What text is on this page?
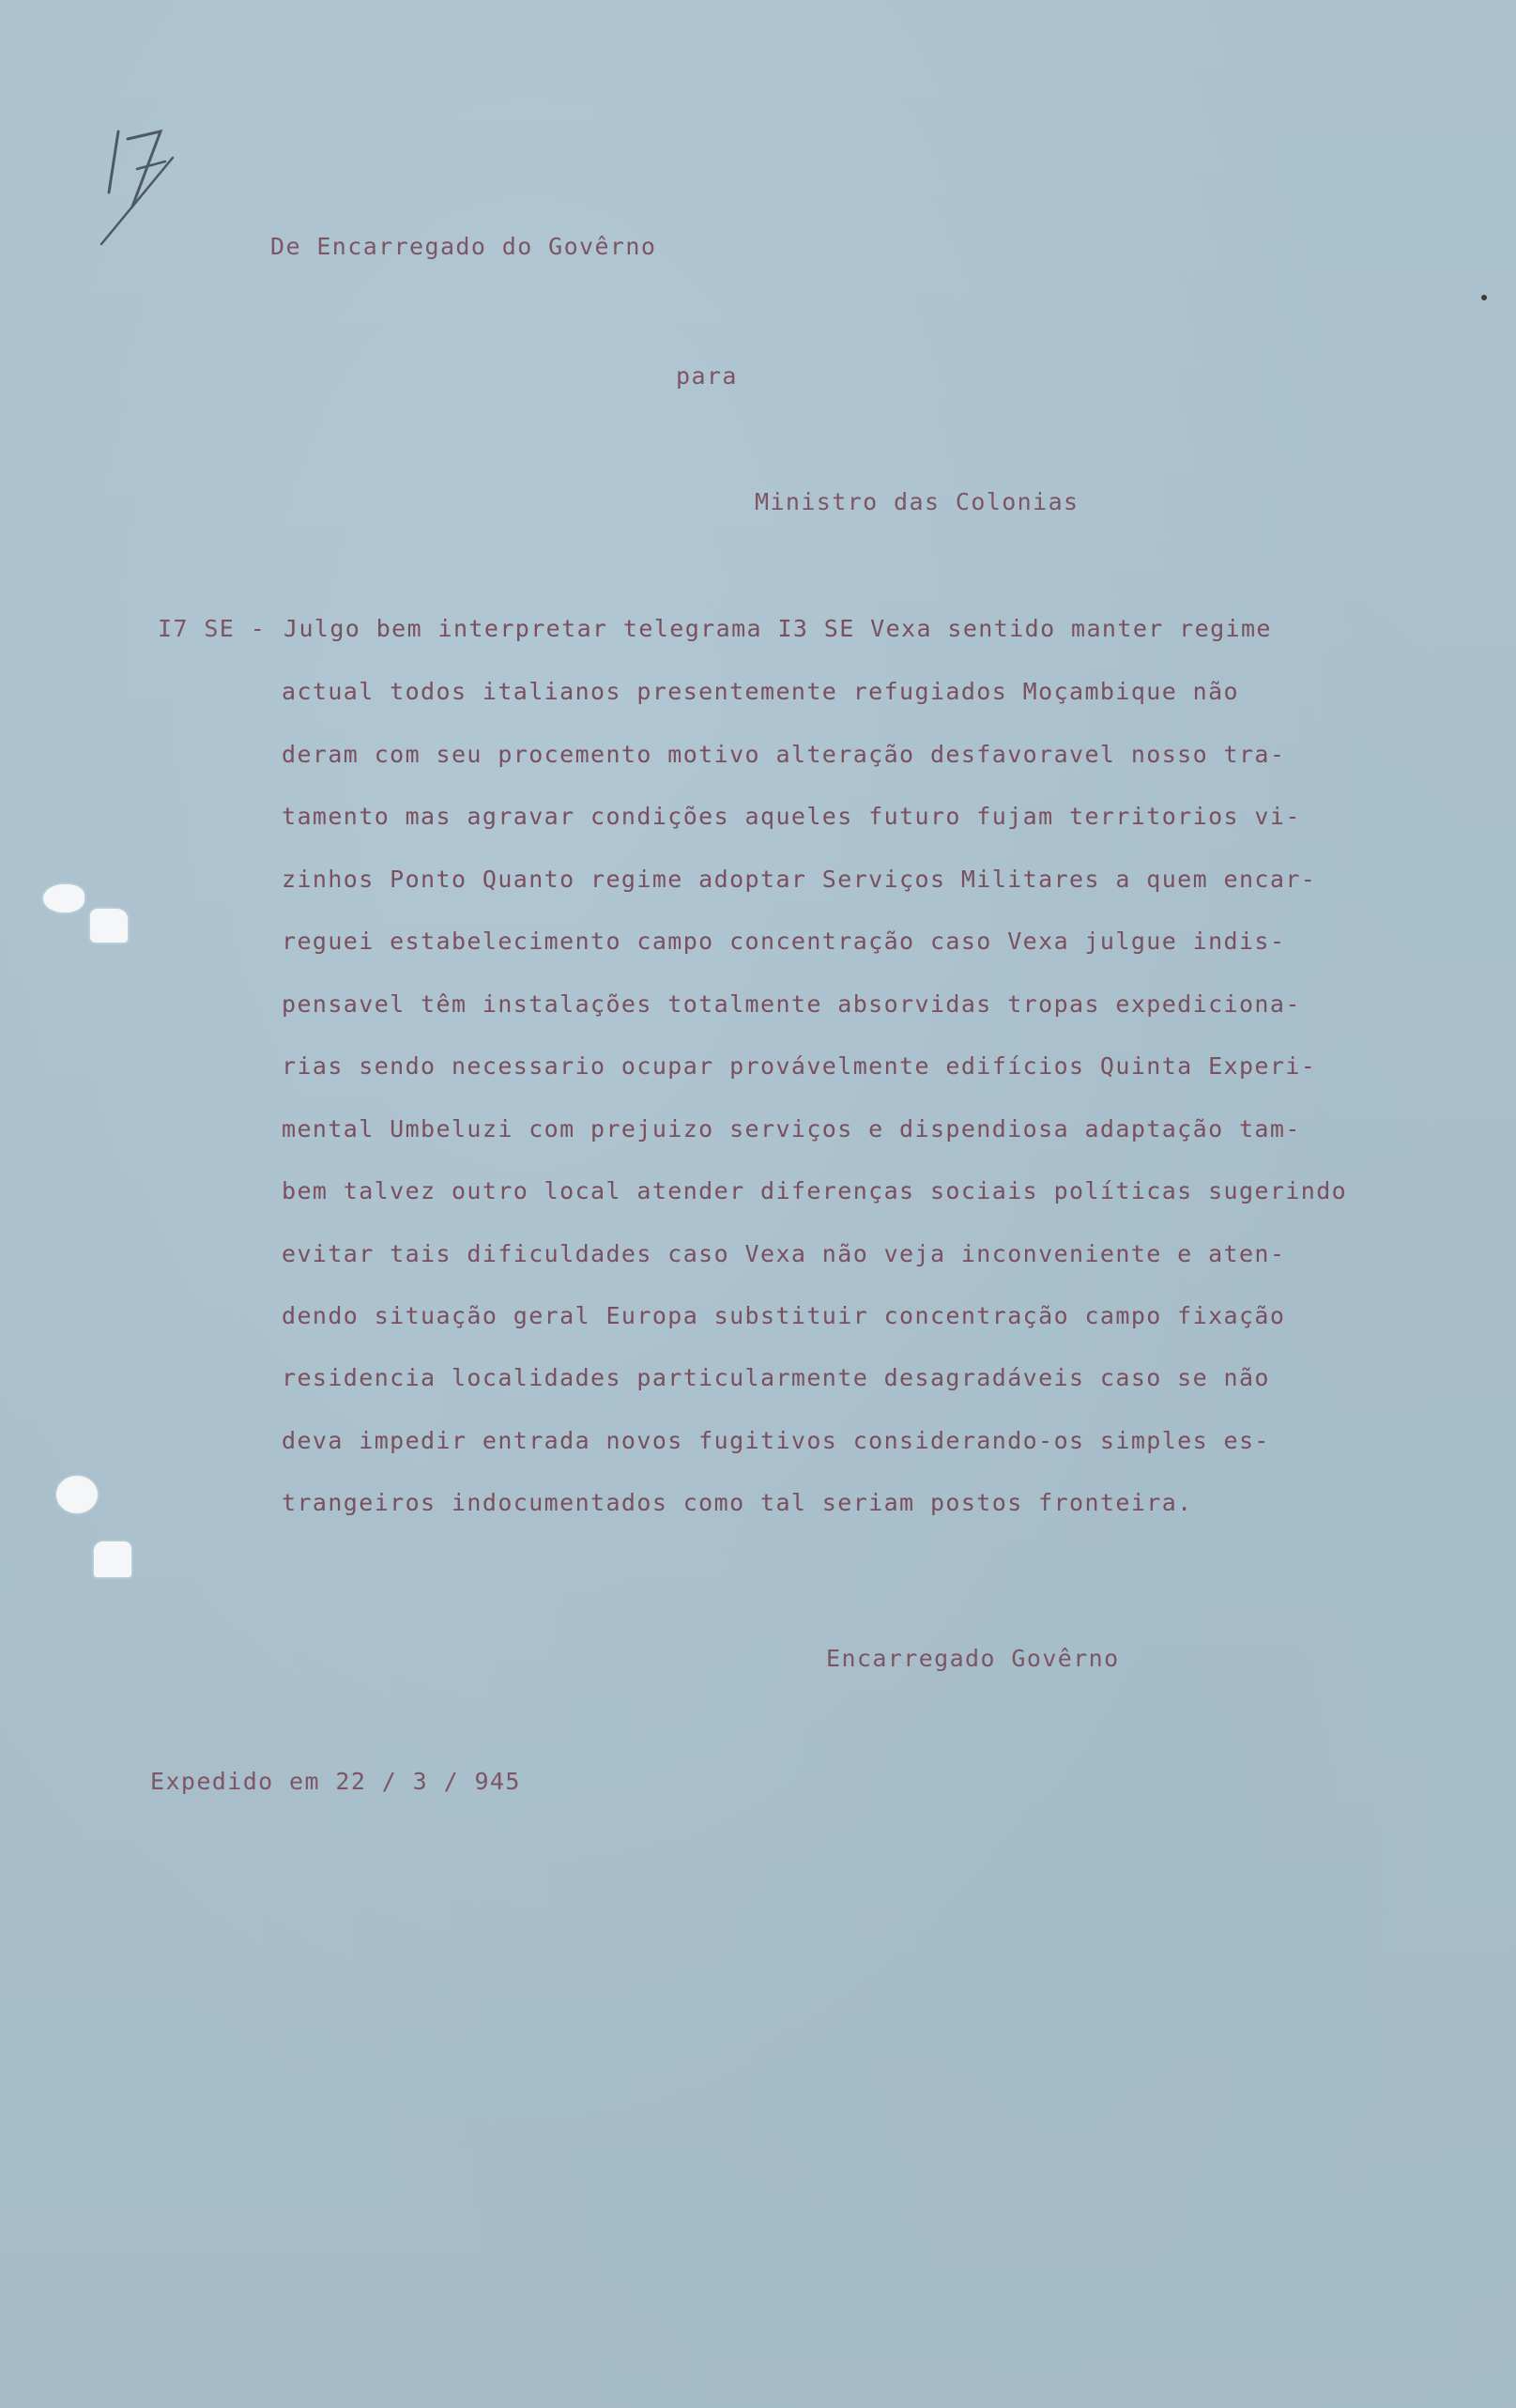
De Encarregado do Govêrno

para

Ministro das Colonias

I7 SE - Julgo bem interpretar telegrama I3 SE Vexa sentido manter regime

actual todos italianos presentemente refugiados Moçambique não

deram com seu procemento motivo alteração desfavoravel nosso tra-

tamento mas agravar condições aqueles futuro fujam territorios vi-

zinhos Ponto Quanto regime adoptar Serviços Militares a quem encar-

reguei estabelecimento campo concentração caso Vexa julgue indis-

pensavel têm instalações totalmente absorvidas tropas expediciona-

rias sendo necessario ocupar provávelmente edifícios Quinta Experi-

mental Umbeluzi com prejuizo serviços e dispendiosa adaptação tam-

bem talvez outro local atender diferenças sociais políticas sugerindo

evitar tais dificuldades caso Vexa não veja inconveniente e aten-

dendo situação geral Europa substituir concentração campo fixação

residencia localidades particularmente desagradáveis caso se não

deva impedir entrada novos fugitivos considerando-os simples es-

trangeiros indocumentados como tal seriam postos fronteira.

Encarregado Govêrno

Expedido em 22 / 3 / 945
